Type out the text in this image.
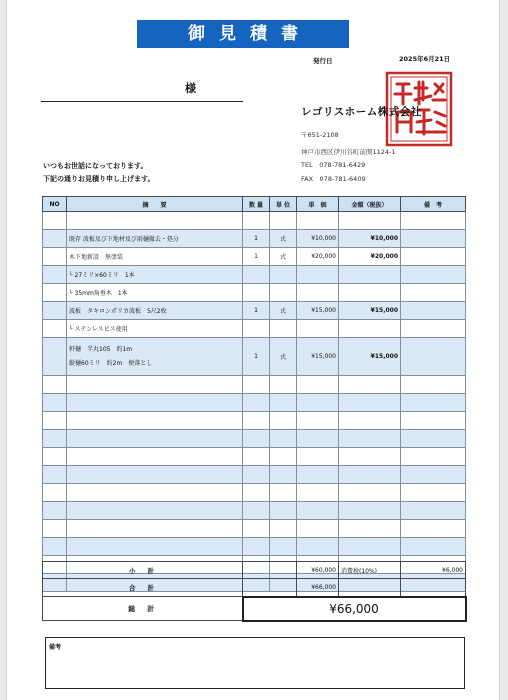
御見積書
発行日	2025年6月21日
様
レゴリスホーム株式会社
〒651-2108
神戸市西区伊川谷町前開1124-1
TEL　078-781-6429
FAX　078-781-6409
いつもお世話になっております。
下記の通りお見積り申し上げます。
NO	摘　　要	数 量	単 位	単　価	金額（税抜）	備　考

	既存 波板及び下地材及び雨樋撤去・処分	1	式	¥10,000	¥10,000	
	木下地新設　無塗装	1	式	¥20,000	¥20,000	
	└ 27ミリ×60ミリ　1本					
	└ 35mm角垂木　1本					
	波板　タキロンポリカ波板　5尺2枚	1	式	¥15,000	¥15,000	
	└ ステンレスビス使用					

	軒樋　半丸105　約1m
縦樋60ミリ　約2m　便落とし	1	式	¥15,000	¥15,000	

小計		¥60,000	消費税(10%)	¥6,000
合計		¥66,000		
総計	¥66,000			
備考
